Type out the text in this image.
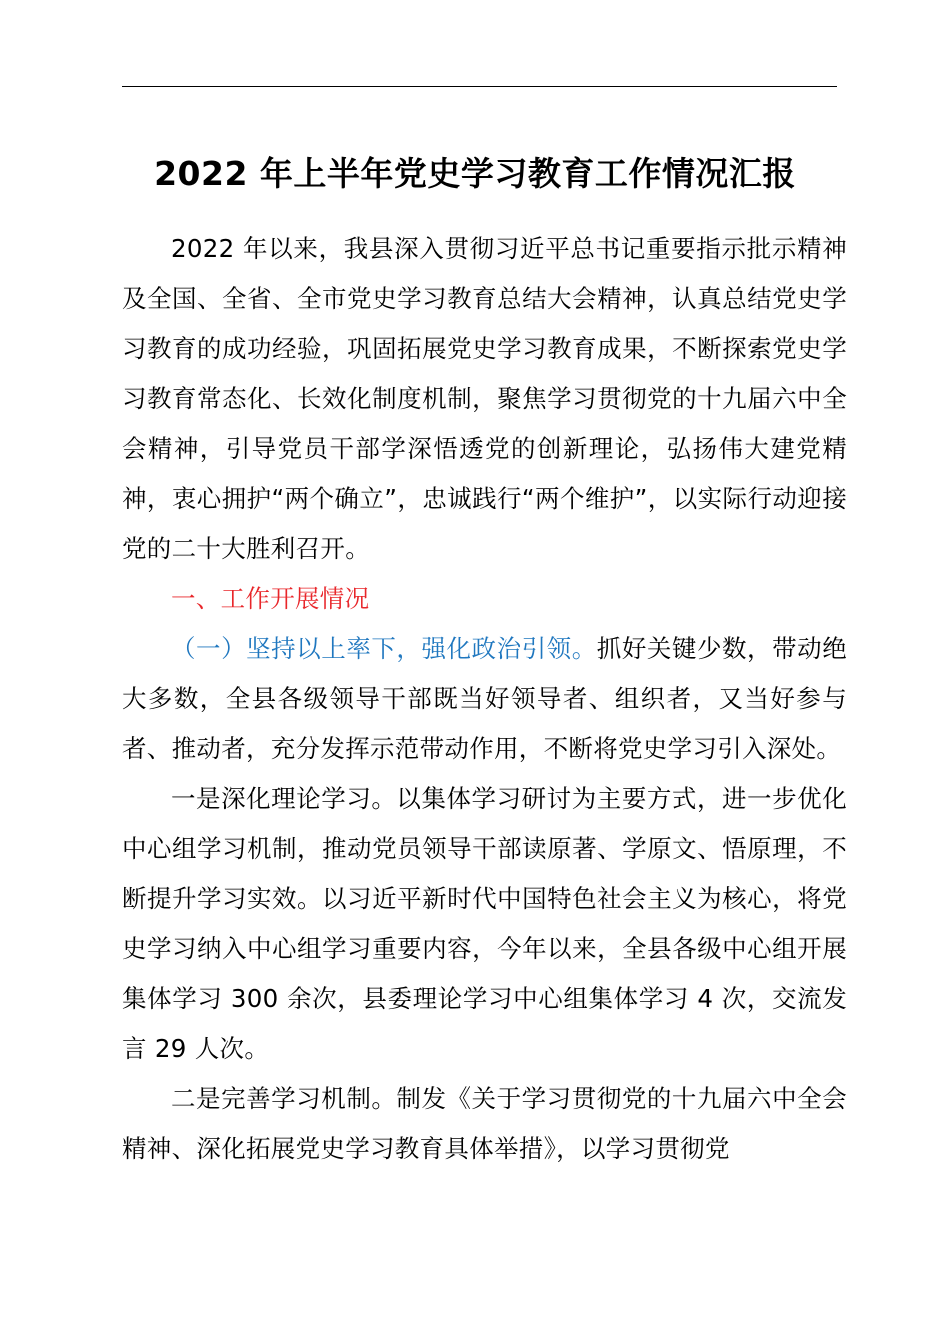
2022 年上半年党史学习教育工作情况汇报

2022 年以来，我县深入贯彻习近平总书记重要指示批示精神及全国、全省、全市党史学习教育总结大会精神，认真总结党史学习教育的成功经验，巩固拓展党史学习教育成果，不断探索党史学习教育常态化、长效化制度机制，聚焦学习贯彻党的十九届六中全会精神，引导党员干部学深悟透党的创新理论，弘扬伟大建党精神，衷心拥护“两个确立”，忠诚践行“两个维护”，以实际行动迎接党的二十大胜利召开。

一、工作开展情况

（一）坚持以上率下，强化政治引领。抓好关键少数，带动绝大多数，全县各级领导干部既当好领导者、组织者，又当好参与者、推动者，充分发挥示范带动作用，不断将党史学习引入深处。

一是深化理论学习。以集体学习研讨为主要方式，进一步优化中心组学习机制，推动党员领导干部读原著、学原文、悟原理，不断提升学习实效。以习近平新时代中国特色社会主义为核心，将党史学习纳入中心组学习重要内容，今年以来，全县各级中心组开展集体学习 300 余次，县委理论学习中心组集体学习 4 次，交流发言 29 人次。

二是完善学习机制。制发《关于学习贯彻党的十九届六中全会精神、深化拓展党史学习教育具体举措》，以学习贯彻党
